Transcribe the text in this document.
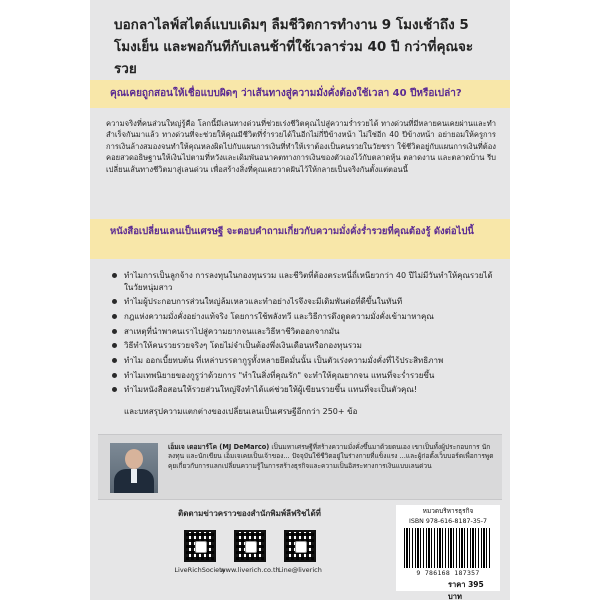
บอกลาไลฟ์สไตล์แบบเดิมๆ ลืมชีวิตการทำงาน 9 โมงเช้าถึง 5 โมงเย็น และพอกันทีกับเลนช้าที่ใช้เวลาร่วม 40 ปี กว่าที่คุณจะรวย
คุณเคยถูกสอนให้เชื่อแบบผิดๆ ว่าเส้นทางสู่ความมั่งคั่งต้องใช้เวลา 40 ปีหรือเปล่า?
ความจริงที่คนส่วนใหญ่รู้คือ โลกนี้มีเลนทางด่วนที่ช่วยเร่งชีวิตคุณไปสู่ความร่ำรวยได้ ทางด่วนที่มีหลายคนเคยผ่านและทำสำเร็จกันมาแล้ว ทางด่วนที่จะช่วยให้คุณมีชีวิตที่ร่ำรวยได้ในอีกไม่กี่ปีข้างหน้า ไม่ใช่อีก 40 ปีข้างหน้า อย่ายอมให้ครูการการเงินล้างสมองจนทำให้คุณหลงผิดไปกับแผนการเงินที่ทำให้เราต้องเป็นคนรวยในวัยชรา ใช้ชีวิตอยู่กับแผนการเงินที่ต้องคอยสวดอธิษฐานให้เงินไปตามที่หวังและเดิมพันอนาคตทางการเงินของตัวเองไว้กับตลาดหุ้น ตลาดงาน และตลาดบ้าน รีบเปลี่ยนเส้นทางชีวิตมาสู่เลนด่วน เพื่อสร้างสิ่งที่คุณเคยวาดฝันไว้ให้กลายเป็นจริงกันตั้งแต่ตอนนี้
หนังสือเปลี่ยนเลนเป็นเศรษฐี จะตอบคำถามเกี่ยวกับความมั่งคั่งร่ำรวยที่คุณต้องรู้ ดังต่อไปนี้
ทำไมการเป็นลูกจ้าง การลงทุนในกองทุนรวม และชีวิตที่ต้องตระหนี่ถี่เหนียวกว่า 40 ปีไม่มีวันทำให้คุณรวยได้ในวัยหนุ่มสาว
ทำไมผู้ประกอบการส่วนใหญ่ล้มเหลวและทำอย่างไรจึงจะมีเดิมพันต่อที่ดีขึ้นในทันที
กฎแห่งความมั่งคั่งอย่างแท้จริง โดยการใช้พลังทวี และวิธีการดึงดูดความมั่งคั่งเข้ามาหาคุณ
สาเหตุที่นำพาคนเราไปสู่ความยากจนและวิธีหาชีวิตออกจากมัน
วิธีทำให้คนรวยรวยจริงๆ โดยไม่จำเป็นต้องพึ่งเงินเดือนหรือกองทุนรวม
ทำไม ออกเบี้ยทบต้น ที่เหล่าบรรดากูรูทั้งหลายยึดมั่นนั้น เป็นตัวเร่งความมั่งคั่งที่ไร้ประสิทธิภาพ
ทำไมเทพนิยายของกูรูว่าด้วยการ "ทำในสิ่งที่คุณรัก" จะทำให้คุณยากจน แทนที่จะร่ำรวยขึ้น
ทำไมหนังสือสอนให้รวยส่วนใหญ่จึงทำได้แค่ช่วยให้ผู้เขียนรวยขึ้น แทนที่จะเป็นตัวคุณ!
และบทสรุปความแตกต่างของเปลี่ยนเลนเป็นเศรษฐีอีกกว่า 250+ ข้อ
เอ็มเจ เดอมาร์โค (MJ DeMarco) เป็นมหาเศรษฐีที่สร้างความมั่งคั่งขึ้นมาด้วยตนเอง เขาเป็นทั้งผู้ประกอบการ นักลงทุน และนักเขียน เอ็มเจเคยเป็นเจ้าของ... ปัจจุบันใช้ชีวิตอยู่ในร่างกายที่แข็งแรง ...และผู้ก่อตั้งเว็บบอร์ดเพื่อการพูดคุยเกี่ยวกับการแลกเปลี่ยนความรู้ในการสร้างธุรกิจและความเป็นอิสระทางการเงินแบบเลนด่วน
ติดตามข่าวคราวของสำนักพิมพ์ลีฟริชได้ที่
LiveRichSociety
www.liverich.co.th
Line@liverich
หมวดบริหารธุรกิจ
ISBN 978-616-8187-35-7
9 786168 187357
ราคา 395 บาท
